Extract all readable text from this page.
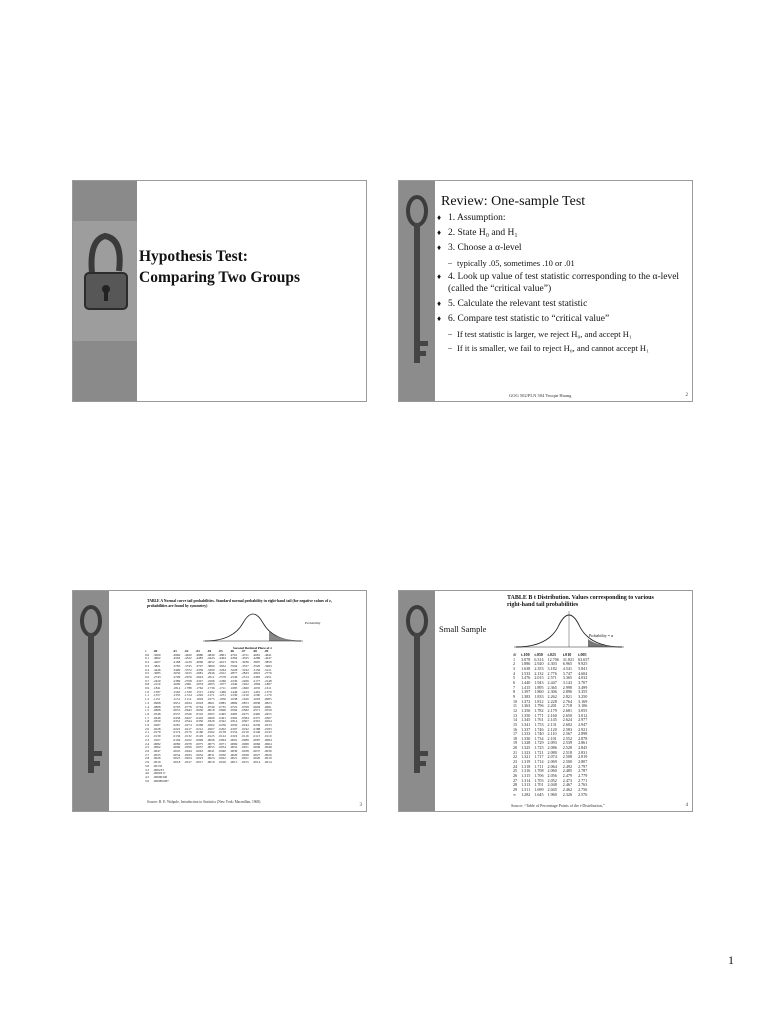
Hypothesis Test:
Comparing Two Groups
Review: One-sample Test
♦ 1. Assumption:
♦ 2. State H₀ and H₁
♦ 3. Choose a α-level
– typically .05, sometimes .10 or .01
♦ 4. Look up value of test statistic corresponding to the α-level (called the “critical value”)
♦ 5. Calculate the relevant test statistic
♦ 6. Compare test statistic to “critical value”
– If test statistic is larger, we reject H₀, and accept H₁
– If it is smaller, we fail to reject H₀, and cannot accept H₁
GOG 502/PLN 504 Youqin Huang	2
TABLE A Normal curve tail probabilities. Standard normal probability in right-hand tail (for negative values of z, probabilities are found by symmetry)
Probability
Second Decimal Place of z
z	.00	.01	.02	.03	.04	.05	.06	.07	.08	.09
0.0	.5000	.4960	.4920	.4880	.4840	.4801	.4761	.4721	.4681	.4641
0.1	.4602	.4562	.4522	.4483	.4443	.4404	.4364	.4325	.4286	.4247
0.2	.4207	.4168	.4129	.4090	.4052	.4013	.3974	.3936	.3897	.3859
0.3	.3821	.3783	.3745	.3707	.3669	.3632	.3594	.3557	.3520	.3483
0.4	.3446	.3409	.3372	.3336	.3300	.3264	.3228	.3192	.3156	.3121
0.5	.3085	.3050	.3015	.2981	.2946	.2912	.2877	.2843	.2810	.2776
0.6	.2743	.2709	.2676	.2643	.2611	.2578	.2546	.2514	.2483	.2451
0.7	.2420	.2389	.2358	.2327	.2296	.2266	.2236	.2206	.2177	.2148
0.8	.2119	.2090	.2061	.2033	.2005	.1977	.1949	.1922	.1894	.1867
0.9	.1841	.1814	.1788	.1762	.1736	.1711	.1685	.1660	.1635	.1611
1.0	.1587	.1562	.1539	.1515	.1492	.1469	.1446	.1423	.1401	.1379
1.1	.1357	.1335	.1314	.1292	.1271	.1251	.1230	.1210	.1190	.1170
1.2	.1151	.1131	.1112	.1093	.1075	.1056	.1038	.1020	.1003	.0985
1.3	.0968	.0951	.0934	.0918	.0901	.0885	.0869	.0853	.0838	.0823
1.4	.0808	.0793	.0778	.0764	.0749	.0735	.0722	.0708	.0694	.0681
1.5	.0668	.0655	.0643	.0630	.0618	.0606	.0594	.0582	.0571	.0559
1.6	.0548	.0537	.0526	.0516	.0505	.0495	.0485	.0475	.0465	.0455
1.7	.0446	.0436	.0427	.0418	.0409	.0401	.0392	.0384	.0375	.0367
1.8	.0359	.0352	.0344	.0336	.0329	.0322	.0314	.0307	.0301	.0294
1.9	.0287	.0281	.0274	.0268	.0262	.0256	.0250	.0244	.0239	.0233
2.0	.0228	.0222	.0217	.0212	.0207	.0202	.0197	.0192	.0188	.0183
2.1	.0179	.0174	.0170	.0166	.0162	.0158	.0154	.0150	.0146	.0143
2.2	.0139	.0136	.0132	.0129	.0125	.0122	.0119	.0116	.0113	.0110
2.3	.0107	.0104	.0102	.0099	.0096	.0094	.0091	.0089	.0087	.0084
2.4	.0082	.0080	.0078	.0075	.0073	.0071	.0069	.0068	.0066	.0064
2.5	.0062	.0060	.0059	.0057	.0055	.0054	.0052	.0051	.0049	.0048
2.6	.0047	.0045	.0044	.0043	.0041	.0040	.0039	.0038	.0037	.0036
2.7	.0035	.0034	.0033	.0032	.0031	.0030	.0029	.0028	.0027	.0026
2.8	.0026	.0025	.0024	.0023	.0023	.0022	.0021	.0021	.0020	.0019
2.9	.0019	.0018	.0017	.0017	.0016	.0016	.0015	.0015	.0014	.0014
3.0	.00135									
3.5	.000233									
4.0	.0000317									
4.5	.00000340									
5.0	.000000287									
Source: R. E. Walpole, Introduction to Statistics (New York: Macmillan, 1968).
3
Small Sample
TABLE B t Distribution. Values corresponding to various right-hand tail probabilities
Probability = α
df	t.100	t.050	t.025	t.010	t.005
1	3.078	6.314	12.706	31.821	63.657
2	1.886	2.920	4.303	6.965	9.925
3	1.638	2.353	3.182	4.541	5.841
4	1.533	2.132	2.776	3.747	4.604
5	1.476	2.015	2.571	3.365	4.032
6	1.440	1.943	2.447	3.143	3.707
7	1.415	1.895	2.365	2.998	3.499
8	1.397	1.860	2.306	2.896	3.355
9	1.383	1.833	2.262	2.821	3.250
10	1.372	1.812	2.228	2.764	3.169
11	1.363	1.796	2.201	2.718	3.106
12	1.356	1.782	2.179	2.681	3.055
13	1.350	1.771	2.160	2.650	3.012
14	1.345	1.761	2.145	2.624	2.977
15	1.341	1.753	2.131	2.602	2.947
16	1.337	1.746	2.120	2.583	2.921
17	1.333	1.740	2.110	2.567	2.898
18	1.330	1.734	2.101	2.552	2.878
19	1.328	1.729	2.093	2.539	2.861
20	1.325	1.725	2.086	2.528	2.845
21	1.323	1.721	2.080	2.518	2.831
22	1.321	1.717	2.074	2.508	2.819
23	1.319	1.714	2.069	2.500	2.807
24	1.318	1.711	2.064	2.492	2.797
25	1.316	1.708	2.060	2.485	2.787
26	1.315	1.706	2.056	2.479	2.779
27	1.314	1.703	2.052	2.473	2.771
28	1.313	1.701	2.048	2.467	2.763
29	1.311	1.699	2.045	2.462	2.756
∞	1.282	1.645	1.960	2.326	2.576
Source: “Table of Percentage Points of the t-Distribution,”	4
1
